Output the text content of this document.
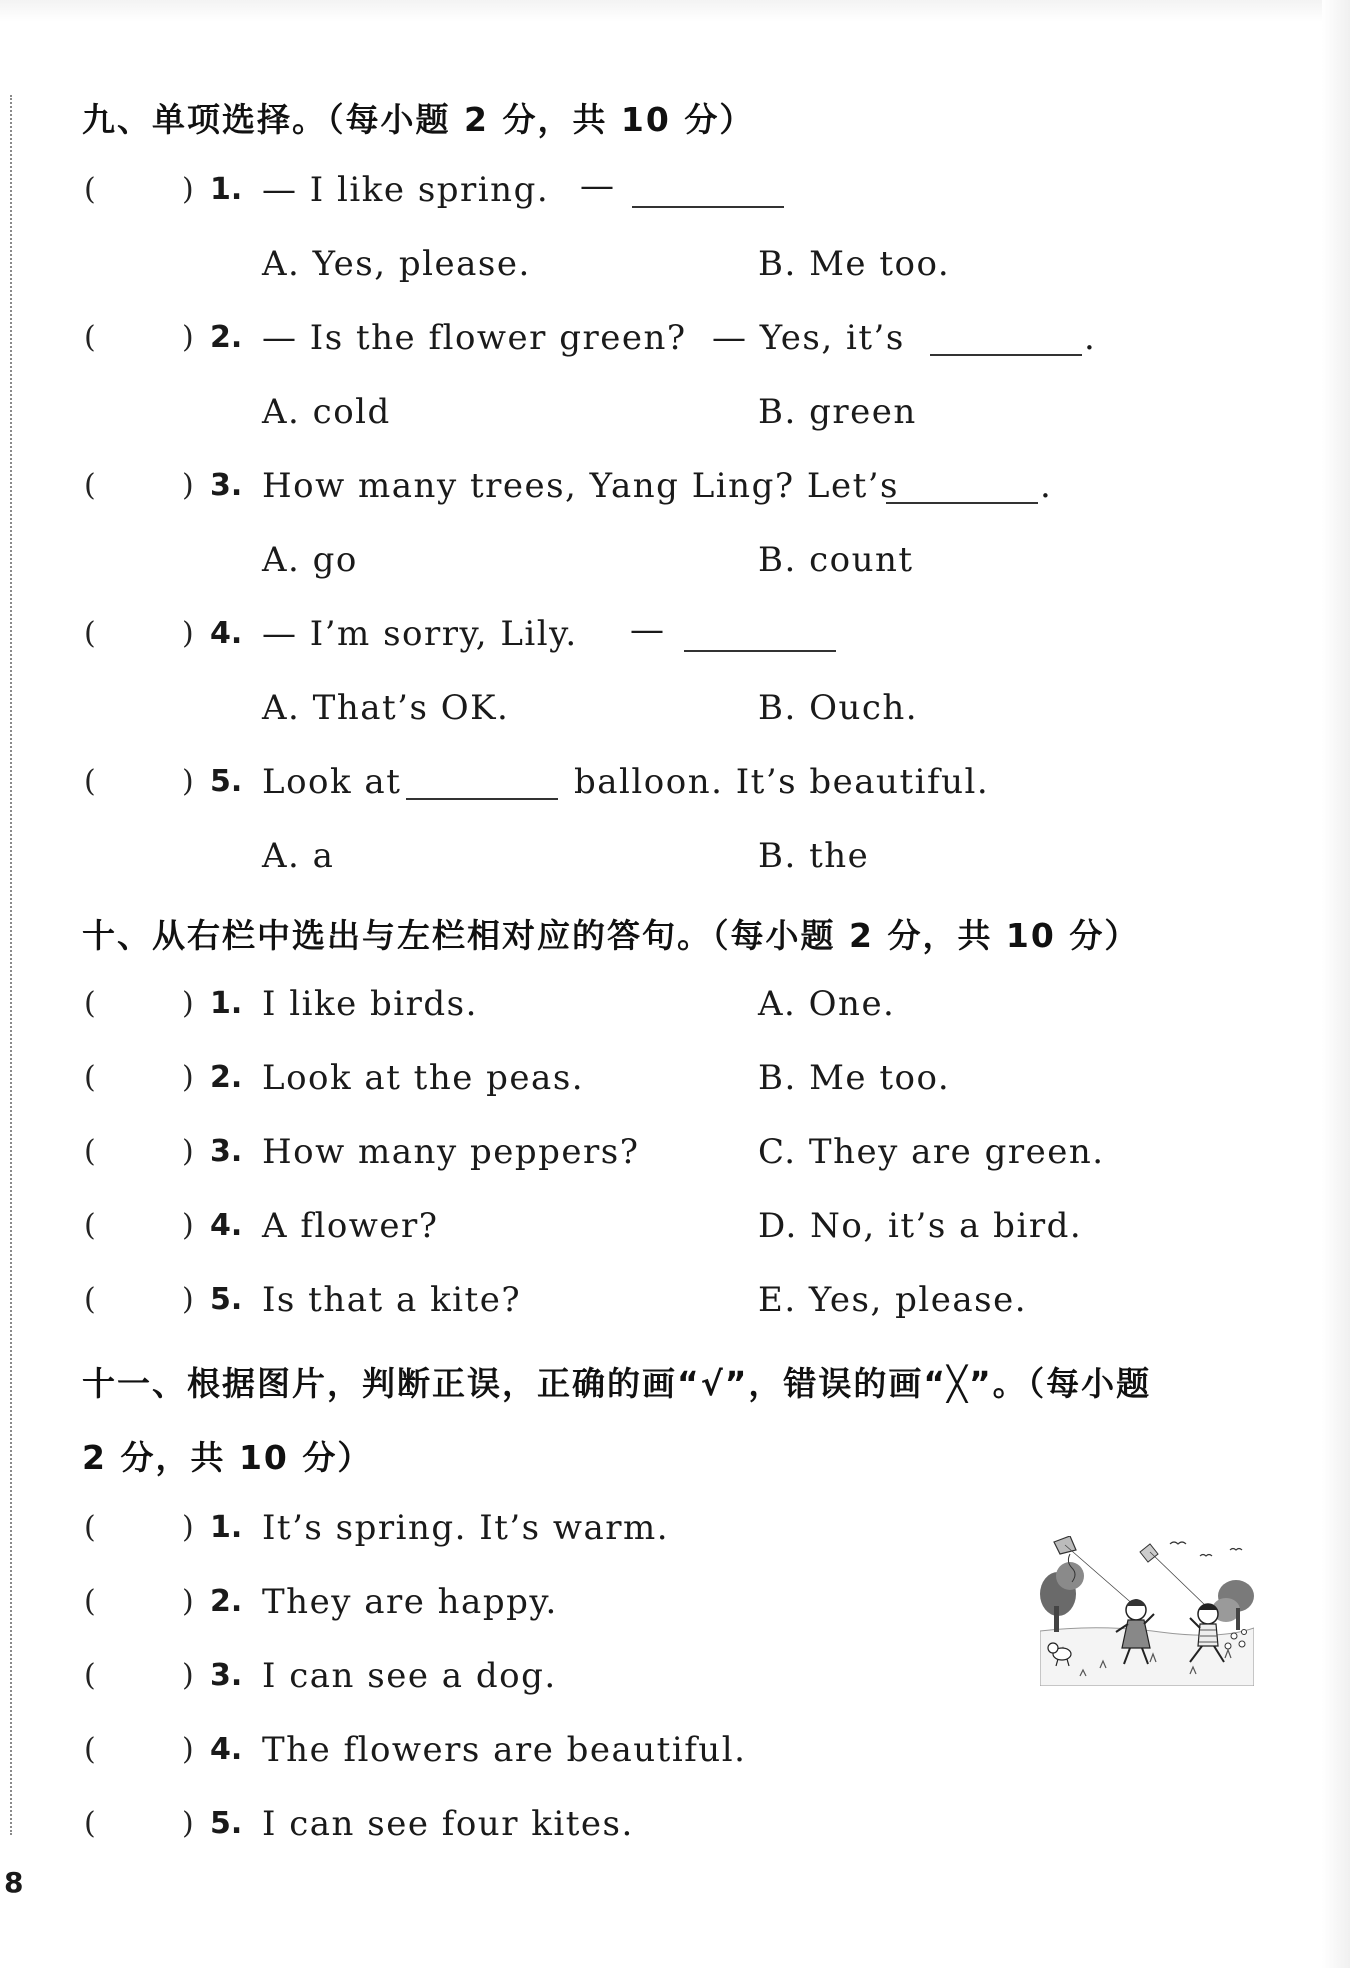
九、单项选择。（每小题 2 分，共 10 分）
(	) 1. — I like spring. —
A. Yes, please.	B. Me too.
(	) 2. — Is the flower green? — Yes, it’s	.
A. cold	B. green
(	) 3. How many trees, Yang Ling? Let’s	.
A. go	B. count
(	) 4. — I’m sorry, Lily. —
A. That’s OK.	B. Ouch.
(	) 5. Look at	balloon. It’s beautiful.
A. a	B. the
十、从右栏中选出与左栏相对应的答句。（每小题 2 分，共 10 分）
(	) 1. I like birds.	A. One.
(	) 2. Look at the peas.	B. Me too.
(	) 3. How many peppers?	C. They are green.
(	) 4. A flower?	D. No, it’s a bird.
(	) 5. Is that a kite?	E. Yes, please.
十一、根据图片，判断正误，正确的画“√”，错误的画“╳”。（每小题
2 分，共 10 分）
(	) 1. It’s spring. It’s warm.
(	) 2. They are happy.
(	) 3. I can see a dog.
(	) 4. The flowers are beautiful.
(	) 5. I can see four kites.
8
